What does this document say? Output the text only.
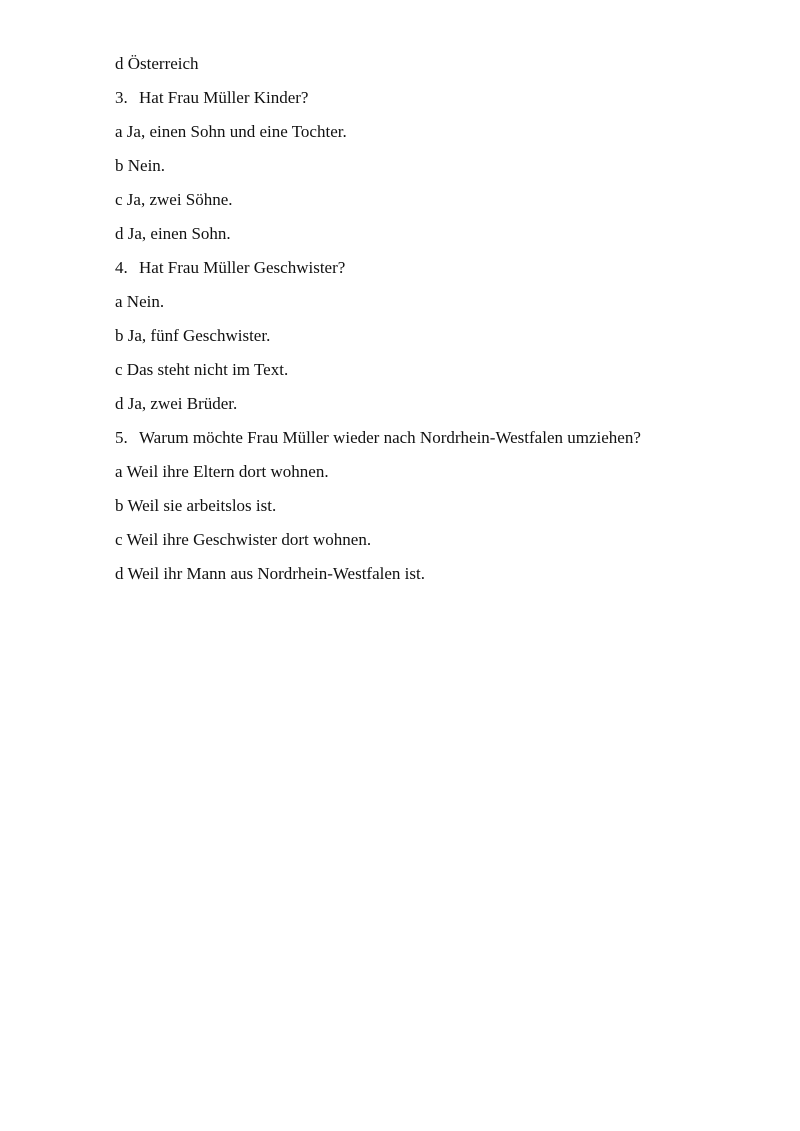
d Österreich
3. Hat Frau Müller Kinder?
a Ja, einen Sohn und eine Tochter.
b Nein.
c Ja, zwei Söhne.
d Ja, einen Sohn.
4. Hat Frau Müller Geschwister?
a Nein.
b Ja, fünf Geschwister.
c Das steht nicht im Text.
d Ja, zwei Brüder.
5. Warum möchte Frau Müller wieder nach Nordrhein-Westfalen umziehen?
a Weil ihre Eltern dort wohnen.
b Weil sie arbeitslos ist.
c Weil ihre Geschwister dort wohnen.
d Weil ihr Mann aus Nordrhein-Westfalen ist.
